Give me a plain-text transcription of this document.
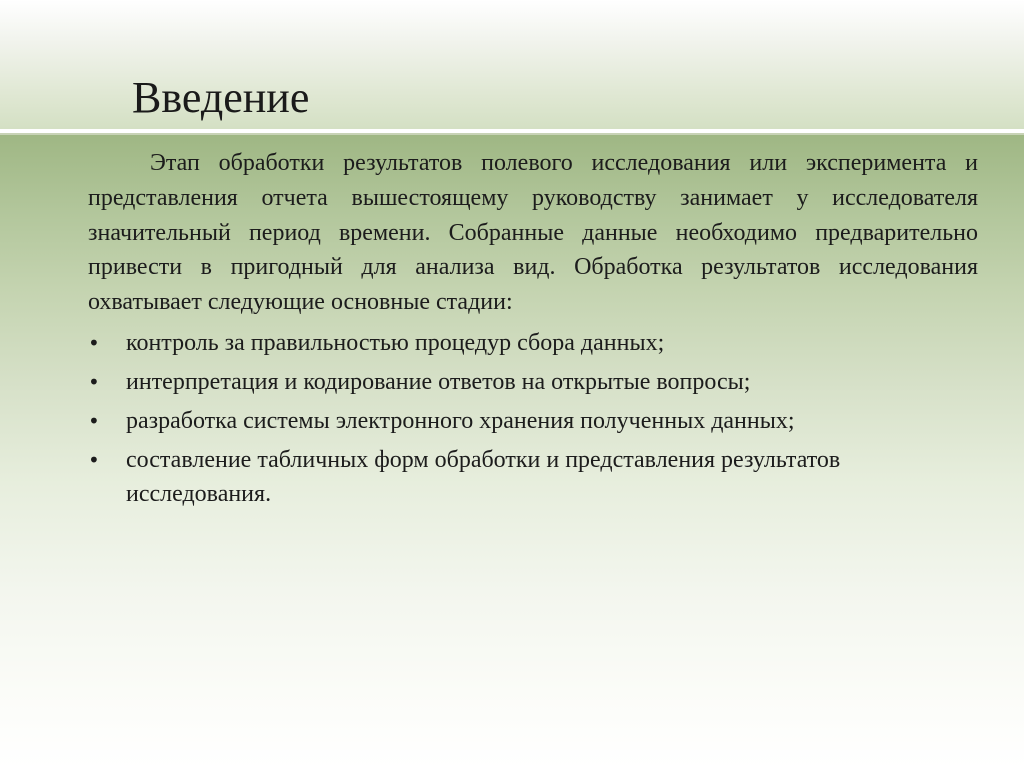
Введение

Этап обработки результатов полевого исследования или эксперимента и представления отчета вышестоящему руководству занимает у исследователя значительный период времени. Собранные данные необходимо предварительно привести в пригодный для анализа вид. Обработка результатов исследования охватывает следующие основные стадии:

• контроль за правильностью процедур сбора данных;
• интерпретация и кодирование ответов на открытые вопросы;
• разработка системы электронного хранения полученных данных;
• составление табличных форм обработки и представления результатов исследования.
